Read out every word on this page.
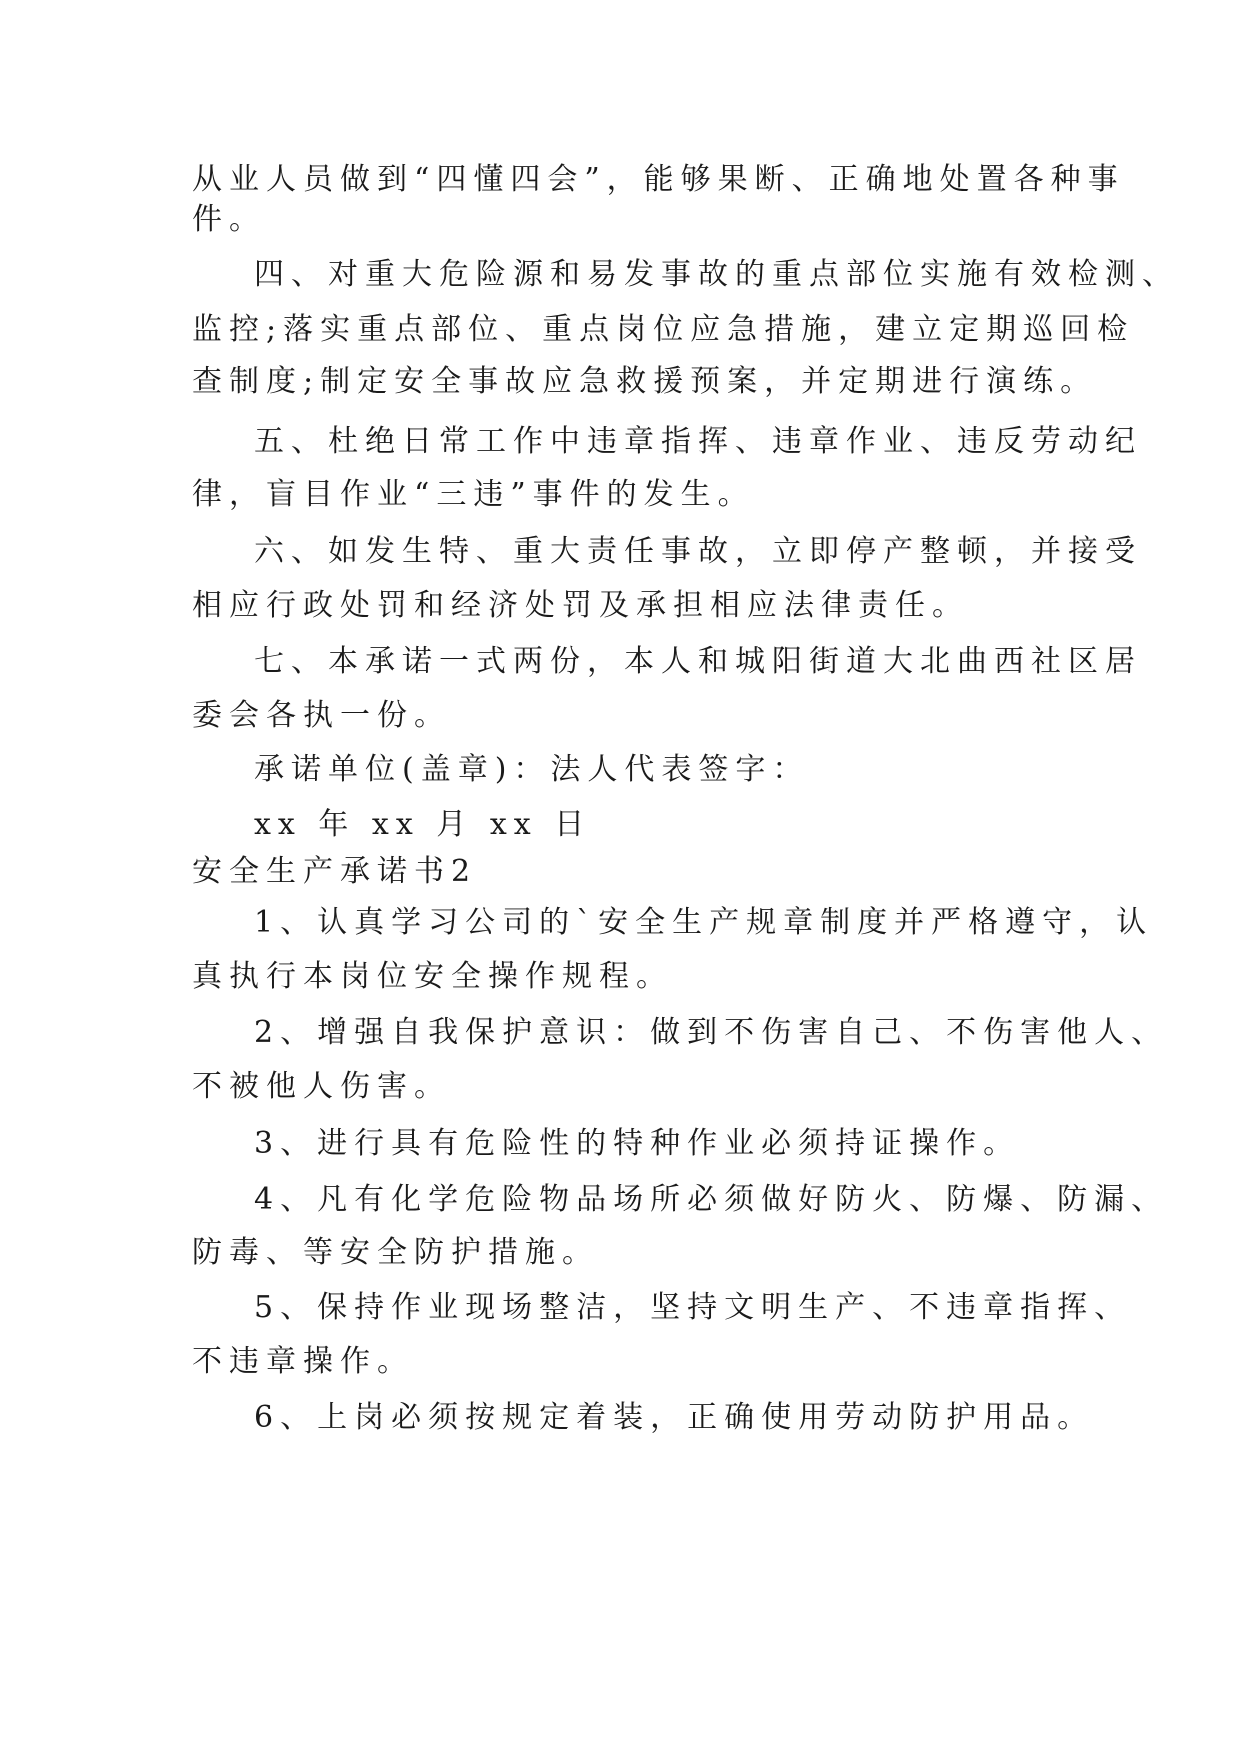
从业人员做到“四懂四会”，能够果断、正确地处置各种事
件。
四、对重大危险源和易发事故的重点部位实施有效检测、
监控;落实重点部位、重点岗位应急措施，建立定期巡回检
查制度;制定安全事故应急救援预案，并定期进行演练。
五、杜绝日常工作中违章指挥、违章作业、违反劳动纪
律，盲目作业“三违”事件的发生。
六、如发生特、重大责任事故，立即停产整顿，并接受
相应行政处罚和经济处罚及承担相应法律责任。
七、本承诺一式两份，本人和城阳街道大北曲西社区居
委会各执一份。
承诺单位(盖章)：法人代表签字：
xx 年 xx 月 xx 日
安全生产承诺书2
1、认真学习公司的`安全生产规章制度并严格遵守，认
真执行本岗位安全操作规程。
2、增强自我保护意识：做到不伤害自己、不伤害他人、
不被他人伤害。
3、进行具有危险性的特种作业必须持证操作。
4、凡有化学危险物品场所必须做好防火、防爆、防漏、
防毒、等安全防护措施。
5、保持作业现场整洁，坚持文明生产、不违章指挥、
不违章操作。
6、上岗必须按规定着装，正确使用劳动防护用品。
